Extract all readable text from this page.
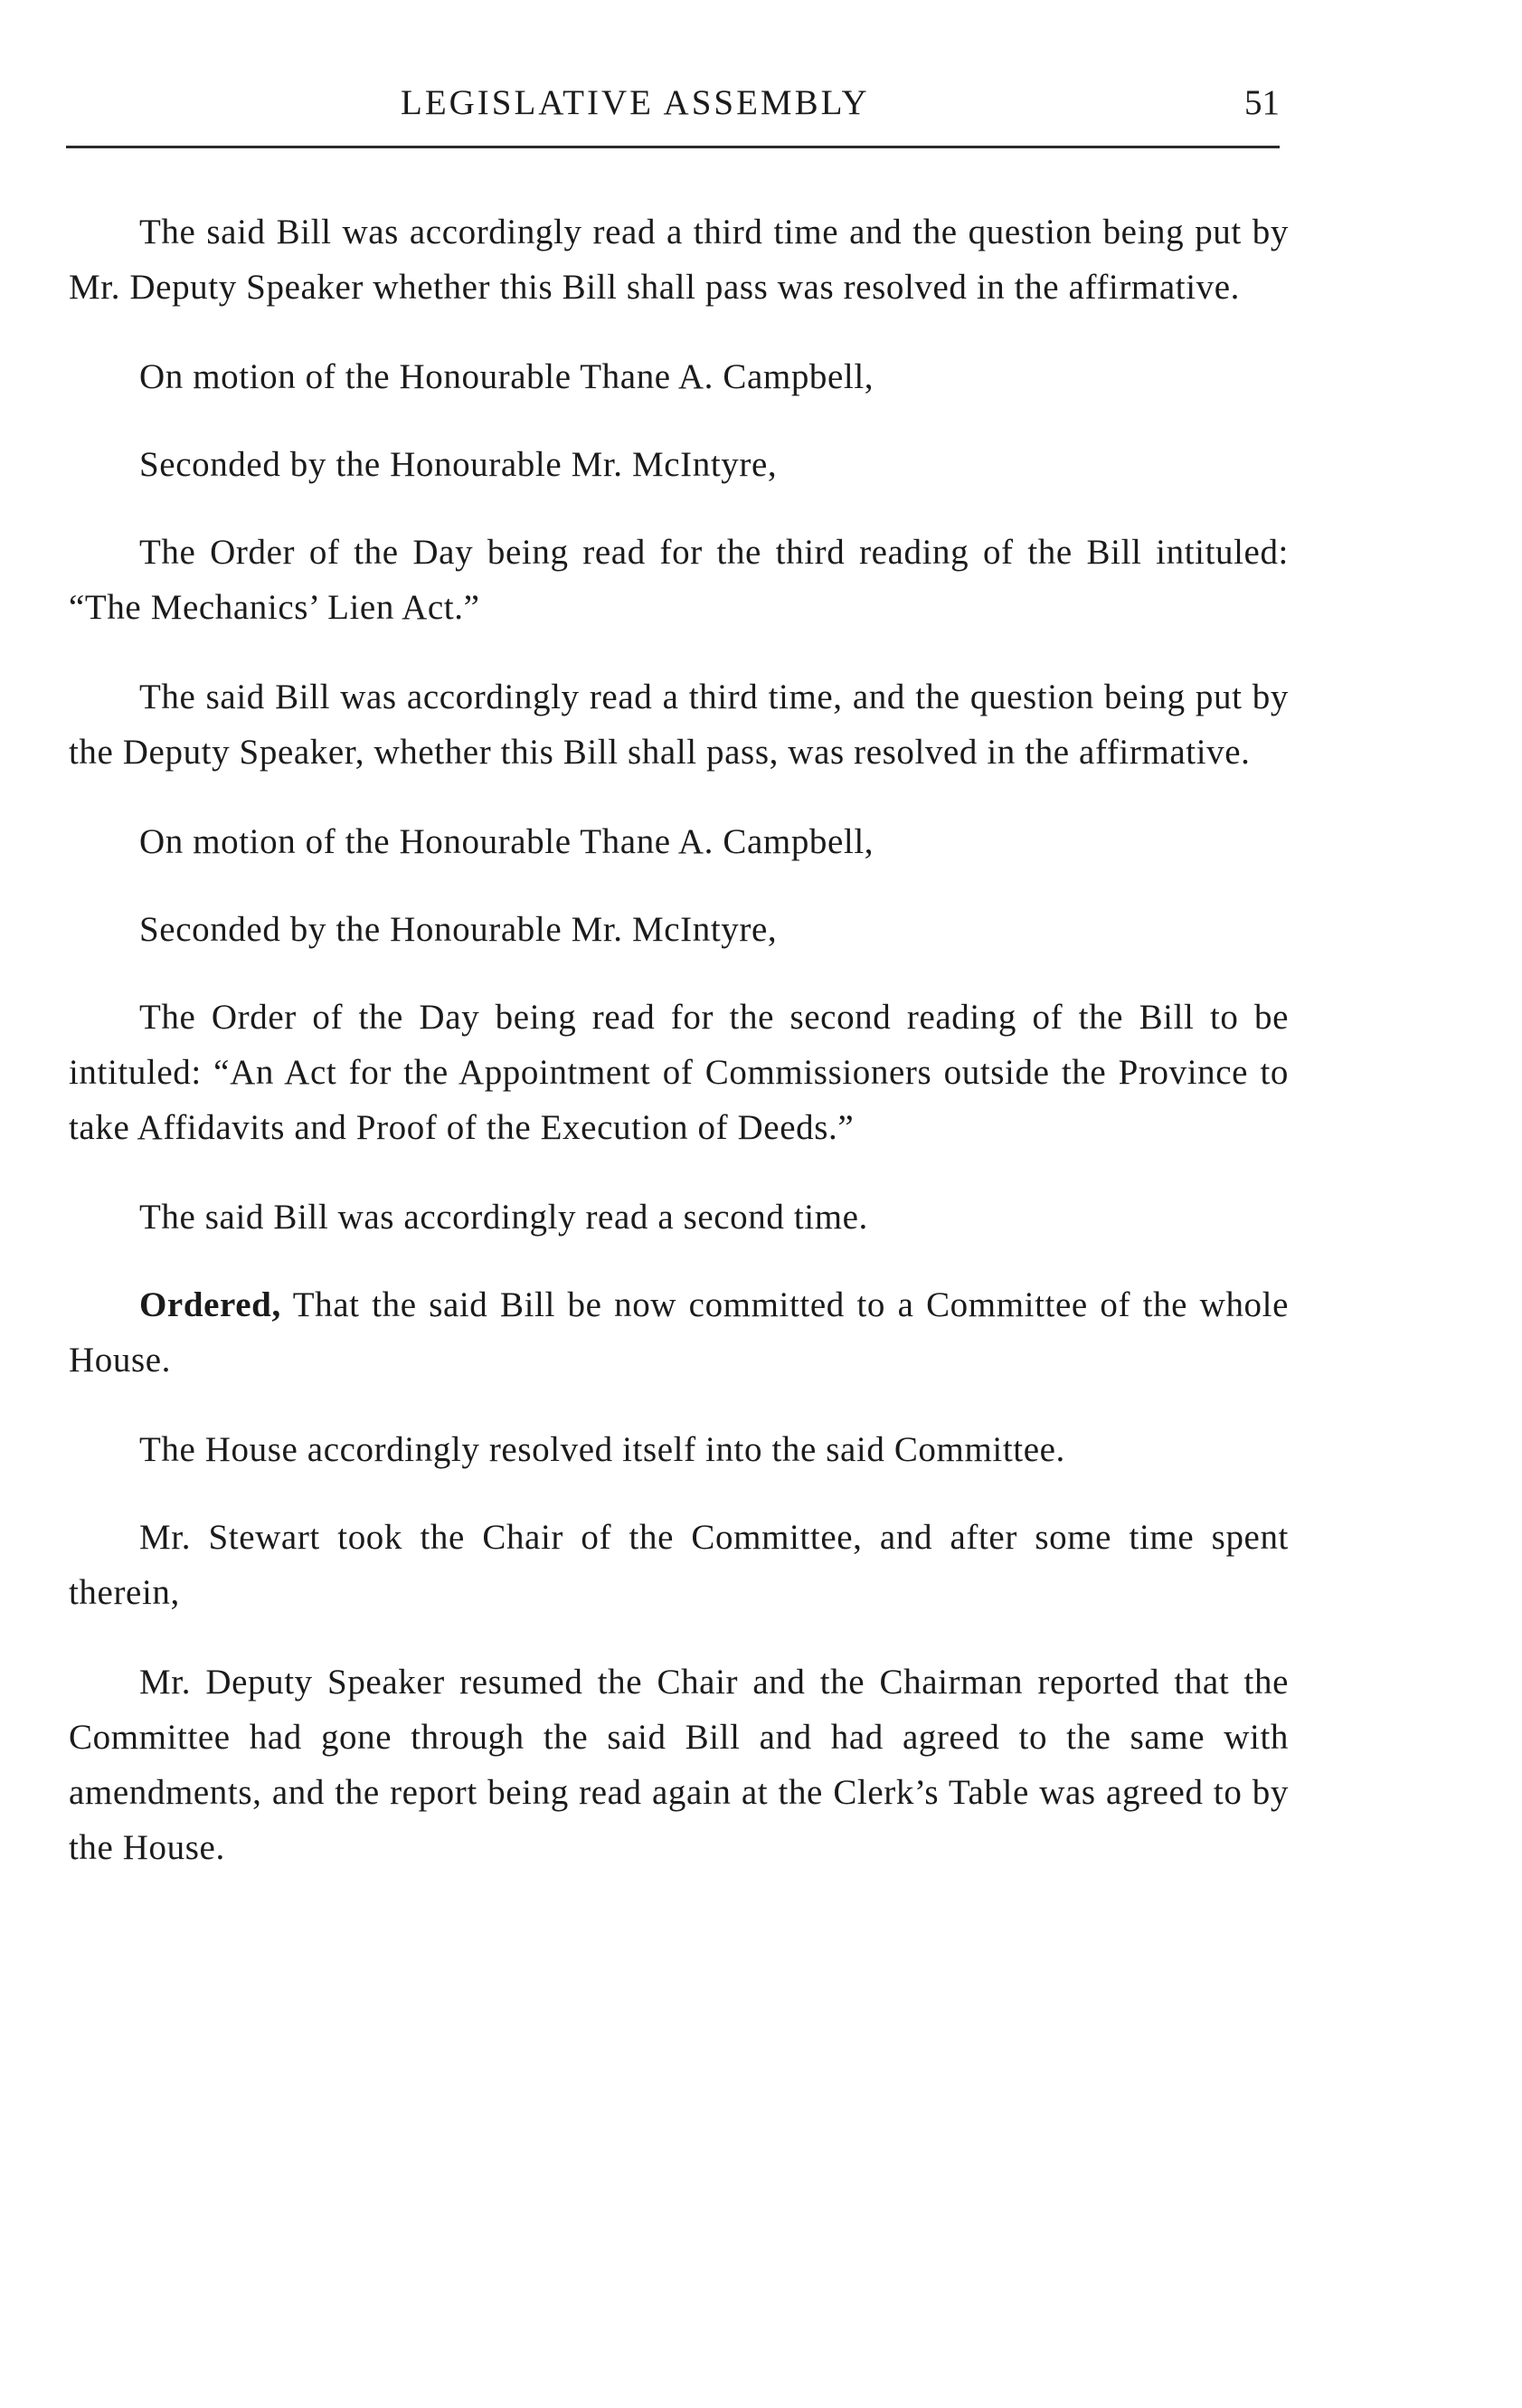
LEGISLATIVE ASSEMBLY	51

The said Bill was accordingly read a third time and the question being put by Mr. Deputy Speaker whether this Bill shall pass was resolved in the affirmative.

On motion of the Honourable Thane A. Campbell,

Seconded by the Honourable Mr. McIntyre,

The Order of the Day being read for the third reading of the Bill intituled: “The Mechanics’ Lien Act.”

The said Bill was accordingly read a third time, and the question being put by the Deputy Speaker, whether this Bill shall pass, was resolved in the affirmative.

On motion of the Honourable Thane A. Campbell,

Seconded by the Honourable Mr. McIntyre,

The Order of the Day being read for the second reading of the Bill to be intituled: “An Act for the Appointment of Commissioners outside the Province to take Affidavits and Proof of the Execution of Deeds.”

The said Bill was accordingly read a second time.

Ordered, That the said Bill be now committed to a Committee of the whole House.

The House accordingly resolved itself into the said Committee.

Mr. Stewart took the Chair of the Committee, and after some time spent therein,

Mr. Deputy Speaker resumed the Chair and the Chairman reported that the Committee had gone through the said Bill and had agreed to the same with amendments, and the report being read again at the Clerk’s Table was agreed to by the House.
